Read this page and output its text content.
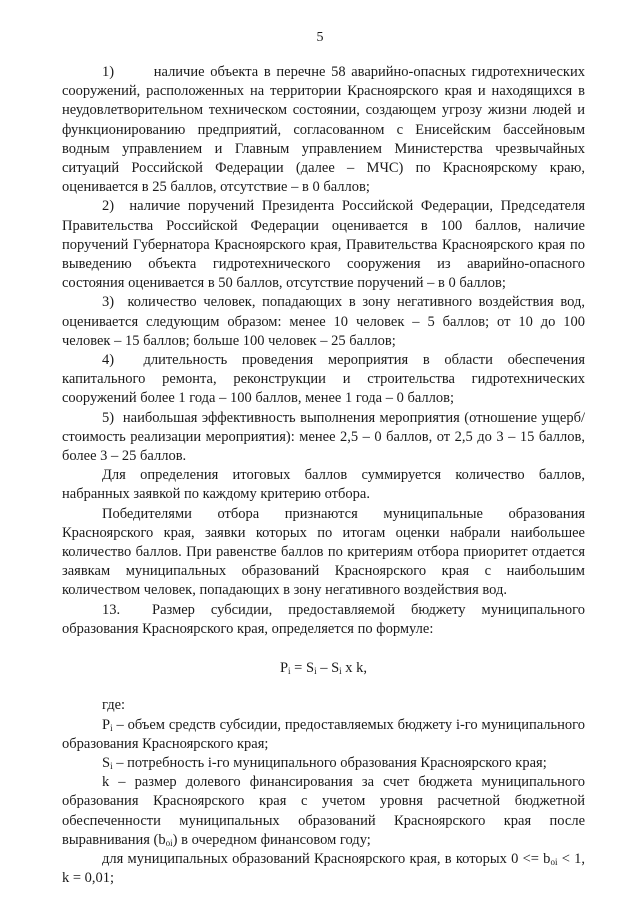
5

1)       наличие объекта в перечне 58 аварийно-опасных гидротехнических сооружений, расположенных на территории Красноярского края и находящихся в неудовлетворительном техническом состоянии, создающем угрозу жизни людей и функционированию предприятий, согласованном с Енисейским бассейновым водным управлением и Главным управлением Министерства чрезвычайных ситуаций Российской Федерации (далее – МЧС) по Красноярскому краю, оценивается в 25 баллов, отсутствие – в 0 баллов;

2)  наличие поручений Президента Российской Федерации, Председателя Правительства Российской Федерации оценивается в 100 баллов, наличие поручений Губернатора Красноярского края, Правительства Красноярского края по выведению объекта гидротехнического сооружения из аварийно-опасного состояния оценивается в 50 баллов, отсутствие поручений – в 0 баллов;

3)  количество человек, попадающих в зону негативного воздействия вод, оценивается следующим образом: менее 10 человек – 5 баллов; от 10 до 100 человек – 15 баллов; больше 100 человек – 25 баллов;

4)  длительность проведения мероприятия в области обеспечения капитального ремонта, реконструкции и строительства гидротехнических сооружений более 1 года – 100 баллов, менее 1 года – 0 баллов;

5)  наибольшая эффективность выполнения мероприятия (отношение ущерб/стоимость реализации мероприятия): менее 2,5 – 0 баллов, от 2,5 до 3 – 15 баллов, более 3 – 25 баллов.

Для определения итоговых баллов суммируется количество баллов, набранных заявкой по каждому критерию отбора.

Победителями отбора признаются муниципальные образования Красноярского края, заявки которых по итогам оценки набрали наибольшее количество баллов. При равенстве баллов по критериям отбора приоритет отдается заявкам муниципальных образований Красноярского края с наибольшим количеством человек, попадающих в зону негативного воздействия вод.

13.  Размер субсидии, предоставляемой бюджету муниципального образования Красноярского края, определяется по формуле:

$P_i = S_i - S_i$ x k,

где:

$P_i$ – объем средств субсидии, предоставляемых бюджету i-го муниципального образования Красноярского края;

$S_i$ – потребность i-го муниципального образования Красноярского края;

k – размер долевого финансирования за счет бюджета муниципального образования Красноярского края с учетом уровня расчетной бюджетной обеспеченности муниципальных образований Красноярского края после выравнивания $(b_{oi})$ в очередном финансовом году;

для муниципальных образований Красноярского края, в которых $0 <= b_{oi} < 1$, k = 0,01;
